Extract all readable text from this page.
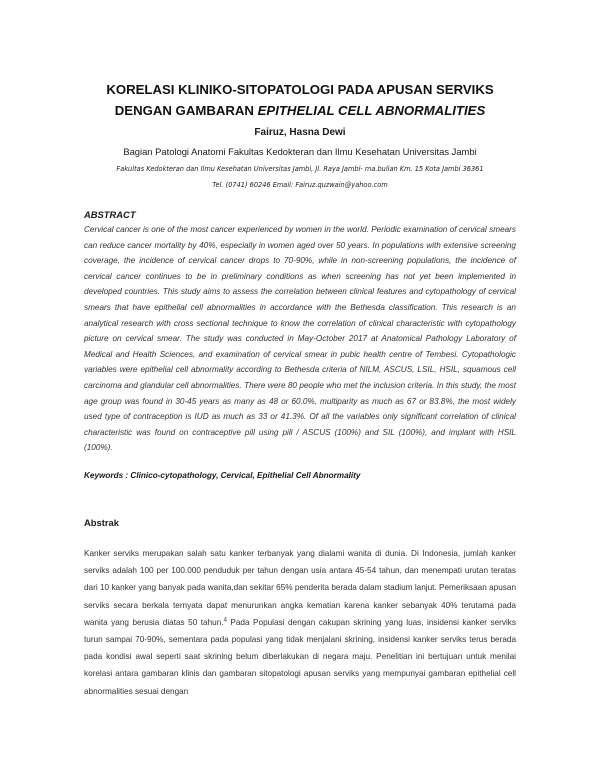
KORELASI KLINIKO-SITOPATOLOGI PADA APUSAN SERVIKS
DENGAN GAMBARAN EPITHELIAL CELL ABNORMALITIES

Fairuz, Hasna Dewi

Bagian Patologi Anatomi Fakultas Kedokteran dan Ilmu Kesehatan Universitas Jambi

Fakultas Kedokteran dan Ilmu Kesehatan Universitas Jambi, Jl. Raya Jambi- ma.bulian Km. 15 Kota Jambi 36361

Tel. (0741) 60246 Email: Fairuz.quzwain@yahoo.com

ABSTRACT

Cervical cancer is one of the most cancer experienced by women in the world. Periodic examination of cervical smears can reduce cancer mortality by 40%, especially in women aged over 50 years. In populations with extensive screening coverage, the incidence of cervical cancer drops to 70-90%, while in non-screening populations, the incidence of cervical cancer continues to be in preliminary conditions as when screening has not yet been implemented in developed countries. This study aims to assess the correlation between clinical features and cytopathology of cervical smears that have epithelial cell abnormalities in accordance with the Bethesda classification. This research is an analytical research with cross sectional technique to know the correlation of clinical characteristic with cytopathology picture on cervical smear. The study was conducted in May-October 2017 at Anatomical Pathology Laboratory of Medical and Health Sciences, and examination of cervical smear in pubic health centre of Tembesi. Cytopathologic variables were epithelial cell abnormality according to Bethesda criteria of NILM, ASCUS, LSIL, HSIL, squamous cell carcinoma and glandular cell abnormalities. There were 80 people who met the inclusion criteria. In this study, the most age group was found in 30-45 years as many as 48 or 60.0%, multiparity as much as 67 or 83.8%, the most widely used type of contraception is IUD as much as 33 or 41.3%. Of all the variables only significant correlation of clinical characteristic was found on contraceptive pill using pill / ASCUS (100%) and SIL (100%), and implant with HSIL (100%).

Keywords : Clinico-cytopathology, Cervical, Epithelial Cell Abnormality

Abstrak

Kanker serviks merupakan salah satu kanker terbanyak yang dialami wanita di dunia. Di Indonesia, jumlah kanker serviks adalah 100 per 100.000 penduduk per tahun dengan usia antara 45-54 tahun, dan menempati urutan teratas dari 10 kanker yang banyak pada wanita,dan sekitar 65% penderita berada dalam stadium lanjut. Pemeriksaan apusan serviks secara berkala ternyata dapat menurunkan angka kematian karena kanker sebanyak 40% terutama pada wanita yang berusia diatas 50 tahun.$^4$ Pada Populasi dengan cakupan skrining yang luas, insidensi kanker serviks turun sampai 70-90%, sementara pada populasi yang tidak menjalani skrining, insidensi kanker serviks terus berada pada kondisi awal seperti saat skrining belum diberlakukan di negara maju. Penelitian ini bertujuan untuk menilai korelasi antara gambaran klinis dan gambaran sitopatologi apusan serviks yang mempunyai gambaran epithelial cell abnormalities sesuai dengan
